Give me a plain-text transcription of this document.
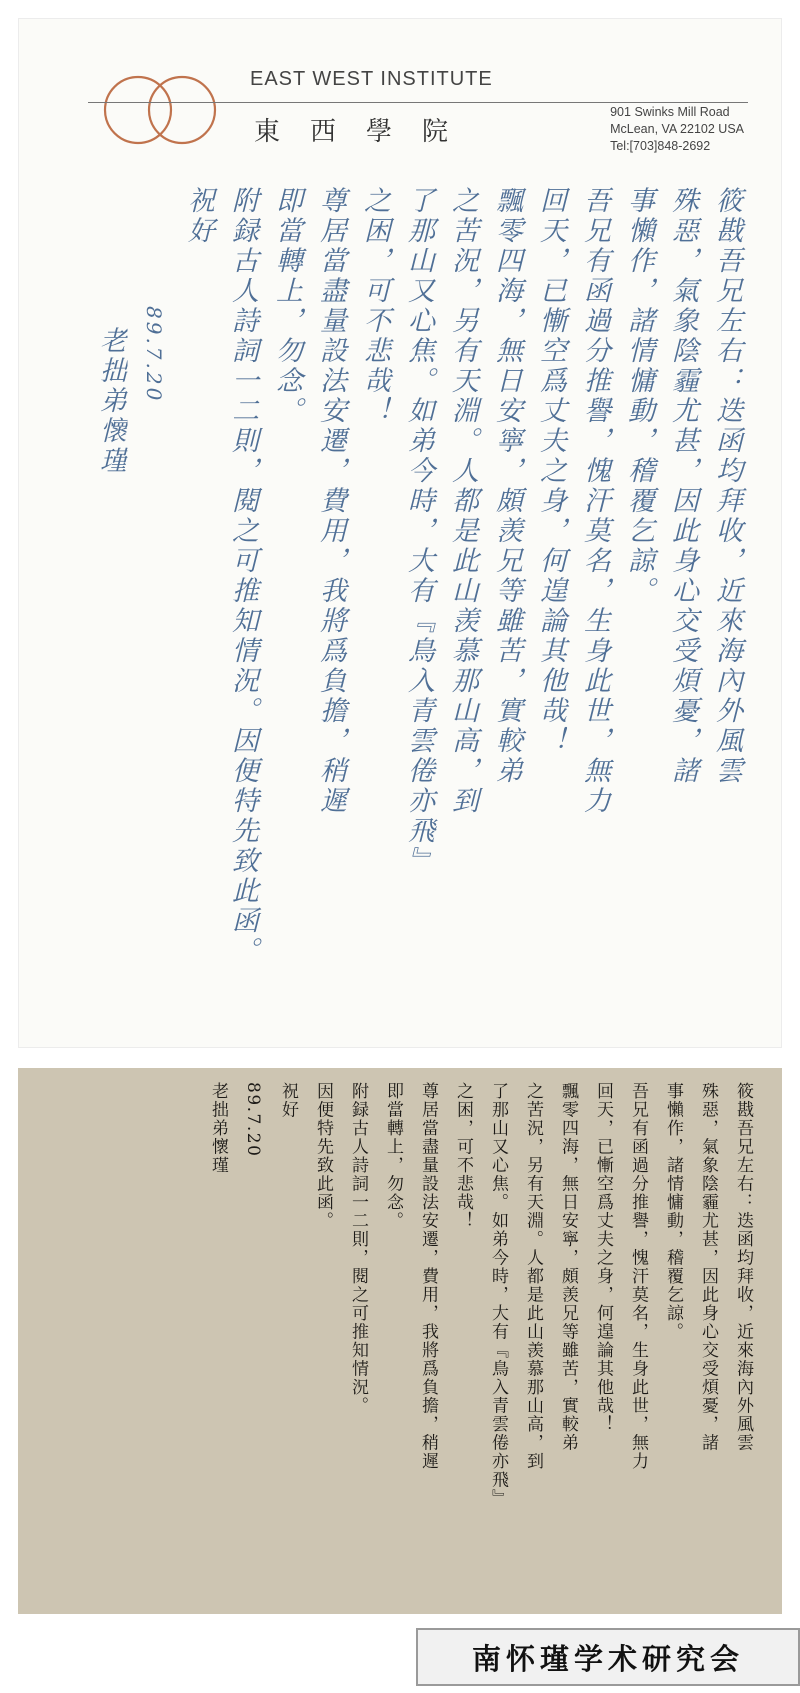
EAST WEST INSTITUTE
東西學院
901 Swinks Mill Road
McLean, VA 22102 USA
Tel:[703]848-2692
筱戡吾兄左右：迭函均拜收，近來海內外風雲
殊惡，氣象陰霾尤甚，因此身心交受煩憂，諸
事懶作，諸情慵動，稽覆乞諒。
吾兄有函過分推譽，愧汗莫名，生身此世，無力
回天，已慚空爲丈夫之身，何遑論其他哉！
飄零四海，無日安寧，頗羡兄等雖苦，實較弟
之苦況，另有天淵。人都是此山羡慕那山高，到
了那山又心焦。如弟今時，大有『鳥入青雲倦亦飛』
之困，可不悲哉！
尊居當盡量設法安遷，費用，我將爲負擔，稍遲
即當轉上，勿念。
附録古人詩詞一二則，閱之可推知情況。因便特先致此函。
祝好
89.7.20
老拙弟懷瑾
筱戡吾兄左右：迭函均拜收，近來海內外風雲
殊惡，氣象陰霾尤甚，因此身心交受煩憂，諸
事懶作，諸情慵動，稽覆乞諒。
吾兄有函過分推譽，愧汗莫名，生身此世，無力
回天，已慚空爲丈夫之身，何遑論其他哉！
飄零四海，無日安寧，頗羡兄等雖苦，實較弟
之苦況，另有天淵。人都是此山羡慕那山高，到
了那山又心焦。如弟今時，大有『鳥入青雲倦亦飛』
之困，可不悲哉！
尊居當盡量設法安遷，費用，我將爲負擔，稍遲
即當轉上，勿念。
附録古人詩詞一二則，閱之可推知情況。
因便特先致此函。
祝好
89.7.20
老拙弟懷瑾
南怀瑾学术研究会
